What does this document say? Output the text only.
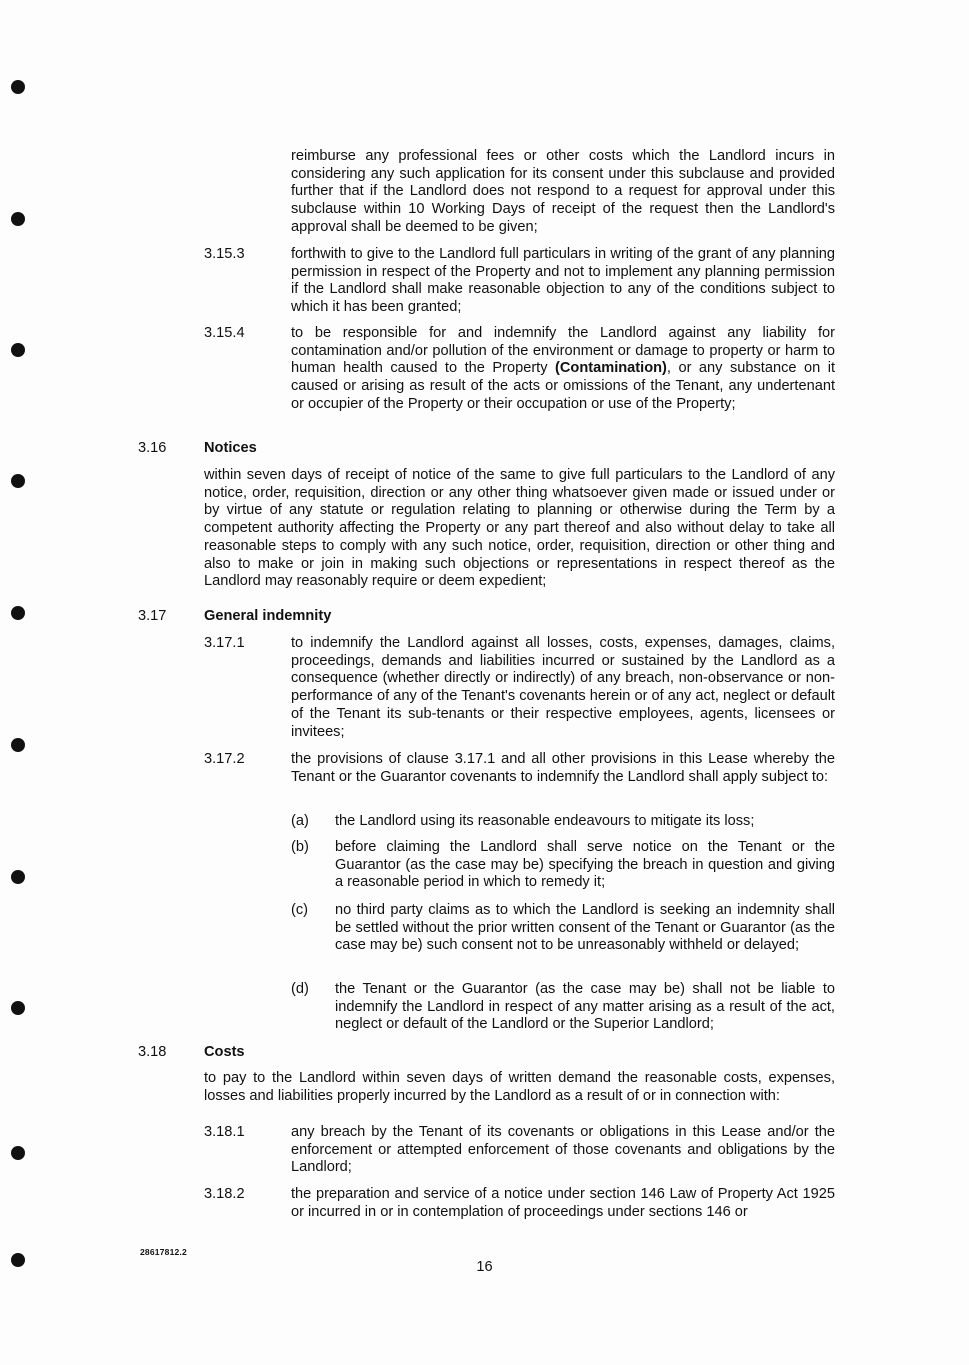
reimburse any professional fees or other costs which the Landlord incurs in considering any such application for its consent under this subclause and provided further that if the Landlord does not respond to a request for approval under this subclause within 10 Working Days of receipt of the request then the Landlord's approval shall be deemed to be given;

3.15.3	forthwith to give to the Landlord full particulars in writing of the grant of any planning permission in respect of the Property and not to implement any planning permission if the Landlord shall make reasonable objection to any of the conditions subject to which it has been granted;

3.15.4	to be responsible for and indemnify the Landlord against any liability for contamination and/or pollution of the environment or damage to property or harm to human health caused to the Property (Contamination), or any substance on it caused or arising as result of the acts or omissions of the Tenant, any undertenant or occupier of the Property or their occupation or use of the Property;

3.16	Notices

within seven days of receipt of notice of the same to give full particulars to the Landlord of any notice, order, requisition, direction or any other thing whatsoever given made or issued under or by virtue of any statute or regulation relating to planning or otherwise during the Term by a competent authority affecting the Property or any part thereof and also without delay to take all reasonable steps to comply with any such notice, order, requisition, direction or other thing and also to make or join in making such objections or representations in respect thereof as the Landlord may reasonably require or deem expedient;

3.17	General indemnity
3.17.1	to indemnify the Landlord against all losses, costs, expenses, damages, claims, proceedings, demands and liabilities incurred or sustained by the Landlord as a consequence (whether directly or indirectly) of any breach, non-observance or non-performance of any of the Tenant's covenants herein or of any act, neglect or default of the Tenant its sub-tenants or their respective employees, agents, licensees or invitees;

3.17.2	the provisions of clause 3.17.1 and all other provisions in this Lease whereby the Tenant or the Guarantor covenants to indemnify the Landlord shall apply subject to:

(a) the Landlord using its reasonable endeavours to mitigate its loss;

(b) before claiming the Landlord shall serve notice on the Tenant or the Guarantor (as the case may be) specifying the breach in question and giving a reasonable period in which to remedy it;

(c) no third party claims as to which the Landlord is seeking an indemnity shall be settled without the prior written consent of the Tenant or Guarantor (as the case may be) such consent not to be unreasonably withheld or delayed;

(d) the Tenant or the Guarantor (as the case may be) shall not be liable to indemnify the Landlord in respect of any matter arising as a result of the act, neglect or default of the Landlord or the Superior Landlord;

3.18	Costs

to pay to the Landlord within seven days of written demand the reasonable costs, expenses, losses and liabilities properly incurred by the Landlord as a result of or in connection with:

3.18.1	any breach by the Tenant of its covenants or obligations in this Lease and/or the enforcement or attempted enforcement of those covenants and obligations by the Landlord;

3.18.2	the preparation and service of a notice under section 146 Law of Property Act 1925 or incurred in or in contemplation of proceedings under sections 146 or

28617812.2
16
